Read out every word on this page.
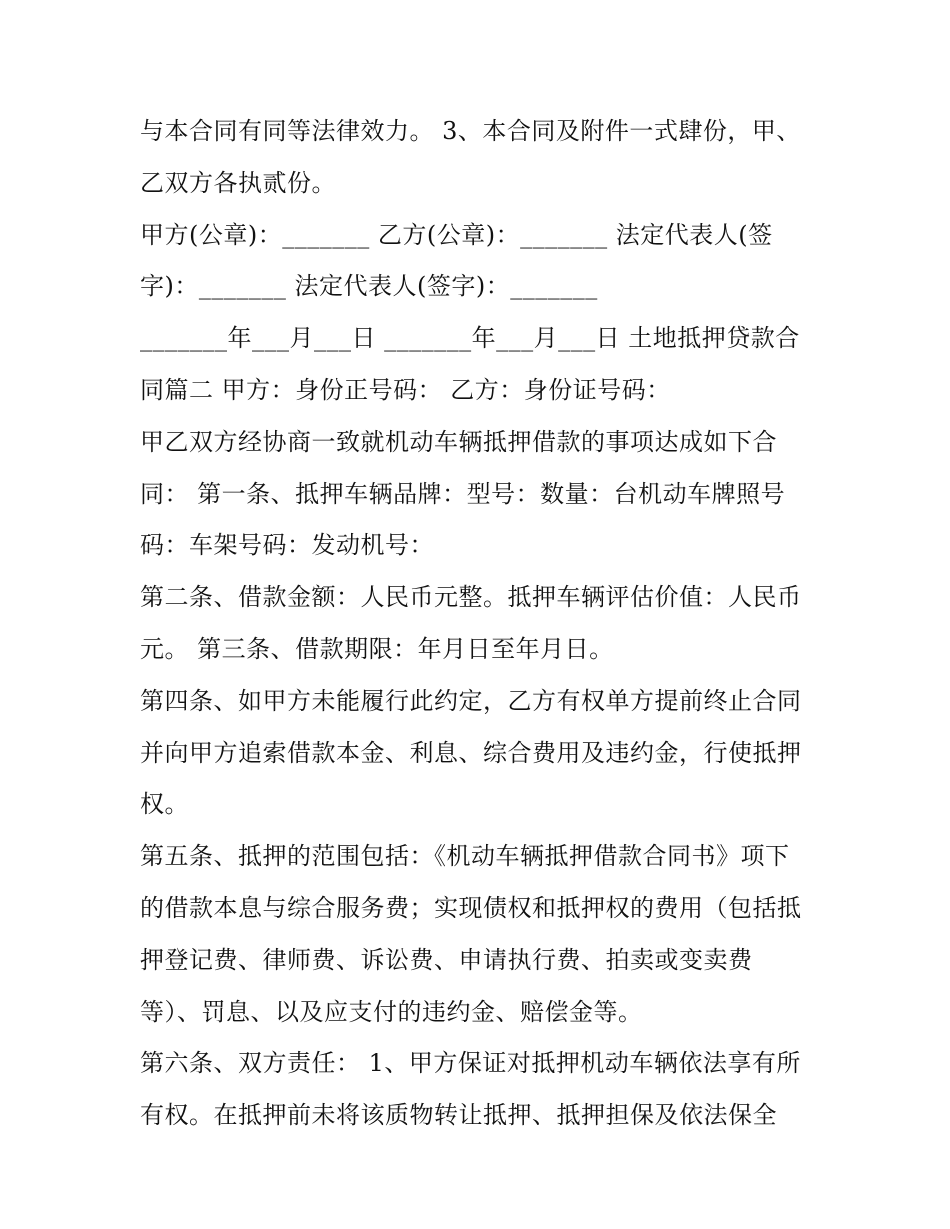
与本合同有同等法律效力。 3、本合同及附件一式肆份，甲、
乙双方各执贰份。
甲方(公章)：_______ 乙方(公章)：_______ 法定代表人(签
字)：_______ 法定代表人(签字)：_______
_______年___月___日 _______年___月___日 土地抵押贷款合
同篇二 甲方：身份正号码： 乙方：身份证号码：
甲乙双方经协商一致就机动车辆抵押借款的事项达成如下合
同： 第一条、抵押车辆品牌：型号：数量：台机动车牌照号
码：车架号码：发动机号：
第二条、借款金额：人民币元整。抵押车辆评估价值：人民币
元。 第三条、借款期限：年月日至年月日。
第四条、如甲方未能履行此约定，乙方有权单方提前终止合同
并向甲方追索借款本金、利息、综合费用及违约金，行使抵押
权。
第五条、抵押的范围包括：《机动车辆抵押借款合同书》项下
的借款本息与综合服务费；实现债权和抵押权的费用（包括抵
押登记费、律师费、诉讼费、申请执行费、拍卖或变卖费
等）、罚息、以及应支付的违约金、赔偿金等。
第六条、双方责任： 1、甲方保证对抵押机动车辆依法享有所
有权。在抵押前未将该质物转让抵押、抵押担保及依法保全
